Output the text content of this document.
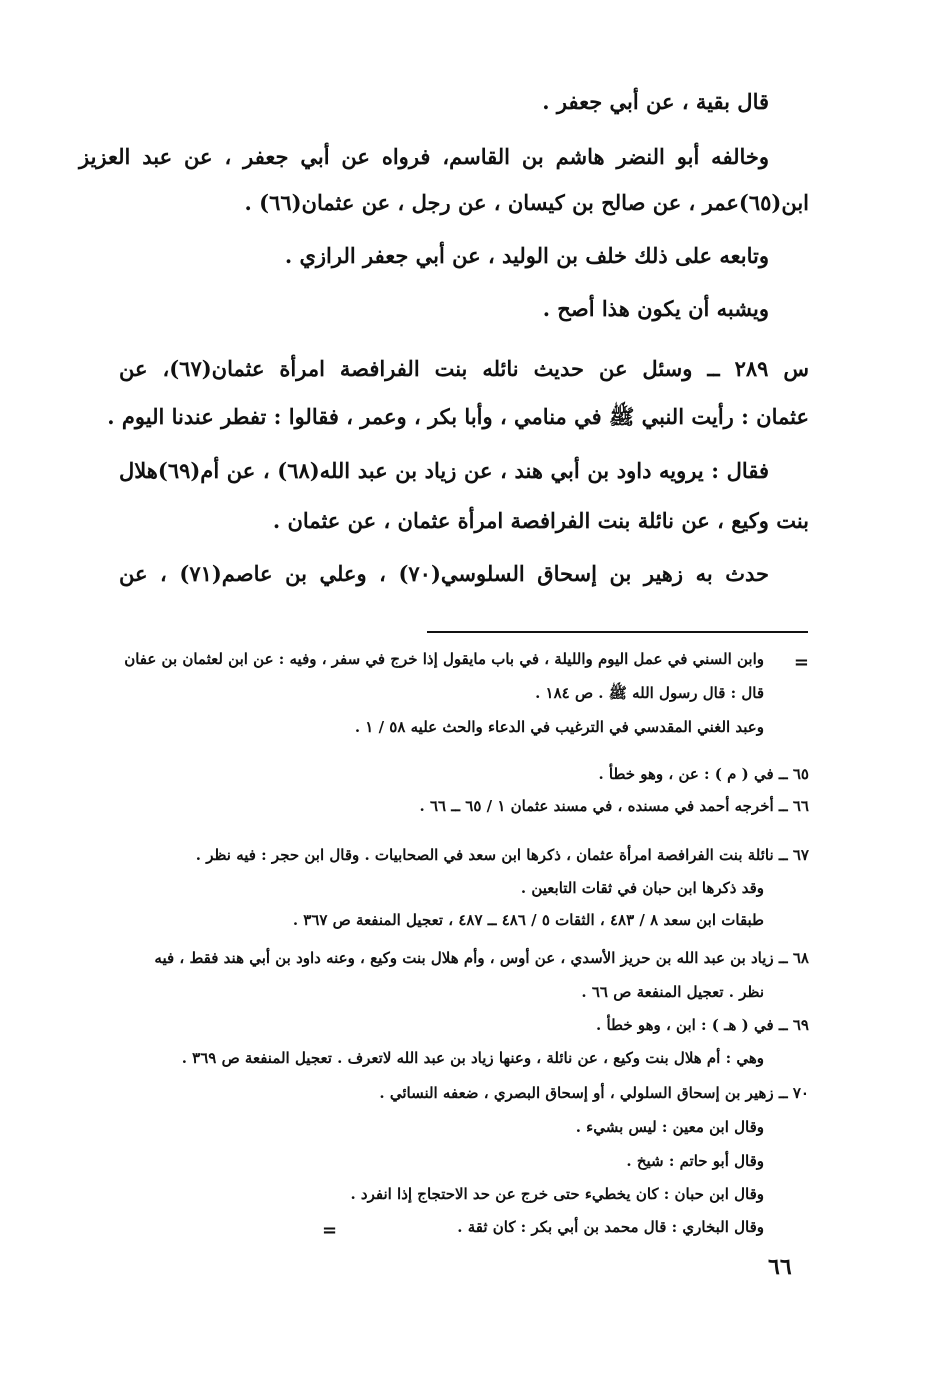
قال بقية ، عن أبي جعفر .
وخالفه أبو النضر هاشم بن القاسم، فرواه عن أبي جعفر ، عن عبد العزيز
ابن(٦٥)عمر ، عن صالح بن كيسان ، عن رجل ، عن عثمان(٦٦) .
وتابعه على ذلك خلف بن الوليد ، عن أبي جعفر الرازي .
ويشبه أن يكون هذا أصح .
س ٢٨٩ ــ وسئل عن حديث نائله بنت الفرافصة امرأة عثمان(٦٧)، عن
عثمان : رأيت النبي ﷺ في منامي ، وأبا بكر ، وعمر ، فقالوا : تفطر عندنا اليوم .
فقال : يرويه داود بن أبي هند ، عن زياد بن عبد الله(٦٨) ، عن أم(٦٩)هلال
بنت وكيع ، عن نائلة بنت الفرافصة امرأة عثمان ، عن عثمان .
حدث به زهير بن إسحاق السلوسي(٧٠) ، وعلي بن عاصم(٧١) ، عن
=
وابن السني في عمل اليوم والليلة ، في باب مايقول إذا خرج في سفر ، وفيه : عن ابن لعثمان بن عفان
قال : قال رسول الله ﷺ . ص ١٨٤ .
وعبد الغني المقدسي في الترغيب في الدعاء والحث عليه ٥٨ / ١ .
٦٥ ــ في ( م ) : عن ، وهو خطأ .
٦٦ ــ أخرجه أحمد في مسنده ، في مسند عثمان ١ / ٦٥ ــ ٦٦ .
٦٧ ــ نائلة بنت الفرافصة امرأة عثمان ، ذكرها ابن سعد في الصحابيات . وقال ابن حجر : فيه نظر .
وقد ذكرها ابن حبان في ثقات التابعين .
طبقات ابن سعد ٨ / ٤٨٣ ، الثقات ٥ / ٤٨٦ ــ ٤٨٧ ، تعجيل المنفعة ص ٣٦٧ .
٦٨ ــ زياد بن عبد الله بن حريز الأسدي ، عن أوس ، وأم هلال بنت وكيع ، وعنه داود بن أبي هند فقط ، فيه
نظر . تعجيل المنفعة ص ٦٦ .
٦٩ ــ في ( هـ ) : ابن ، وهو خطأ .
وهي : أم هلال بنت وكيع ، عن نائلة ، وعنها زياد بن عبد الله لاتعرف . تعجيل المنفعة ص ٣٦٩ .
٧٠ ــ زهير بن إسحاق السلولي ، أو إسحاق البصري ، ضعفه النسائي .
وقال ابن معين : ليس بشيء .
وقال أبو حاتم : شيخ .
وقال ابن حبان : كان يخطيء حتى خرج عن حد الاحتجاج إذا انفرد .
وقال البخاري : قال محمد بن أبي بكر : كان ثقة .
=
٦٦
